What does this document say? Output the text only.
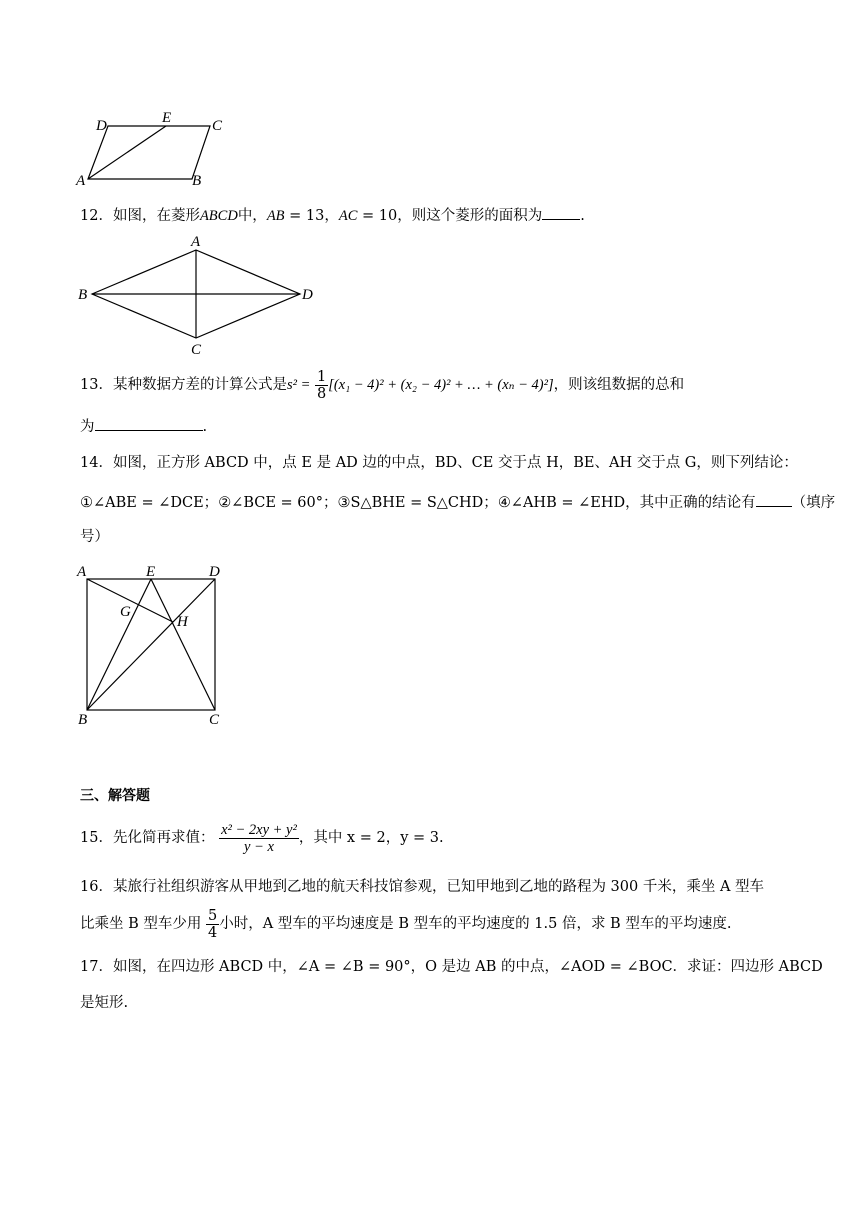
A	B
C
D	E
12．如图，在菱形ABCD中，AB = 13，AC = 10，则这个菱形的面积为	.
A
B
C
D
13．某种数据方差的计算公式是$s^2 = \frac{1}{8} [(x_1 - 4)^2 + (x_2 - 4)^2$ + … + (xₙ − 4)²]，则该组数据的总和
为	.
14．如图，正方形 ABCD 中，点 E 是 AD 边的中点，BD、CE 交于点 H，BE、AH 交于点 G，则下列结论：
①∠ABE = ∠DCE；②∠BCE = 60°；③S△BHE = S△CHD；④∠AHB = ∠EHD，其中正确的结论有 （填序
号）
A	E	D
G
H
B	C
三、解答题
15．先化简再求值： $\frac{\text{x² − 2xy + y²}}{y - x}$ ，其中 x = 2，y = 3.
16．某旅行社组织游客从甲地到乙地的航天科技馆参观，已知甲地到乙地的路程为 300 千米，乘坐 A 型车
比乘坐 B 型车少用 $\frac{5}{4}$ 小时，A 型车的平均速度是 B 型车的平均速度的 1.5 倍，求 B 型车的平均速度.
17．如图，在四边形 ABCD 中，∠A = ∠B = 90°，O 是边 AB 的中点，∠AOD = ∠BOC．求证：四边形 ABCD
是矩形.
